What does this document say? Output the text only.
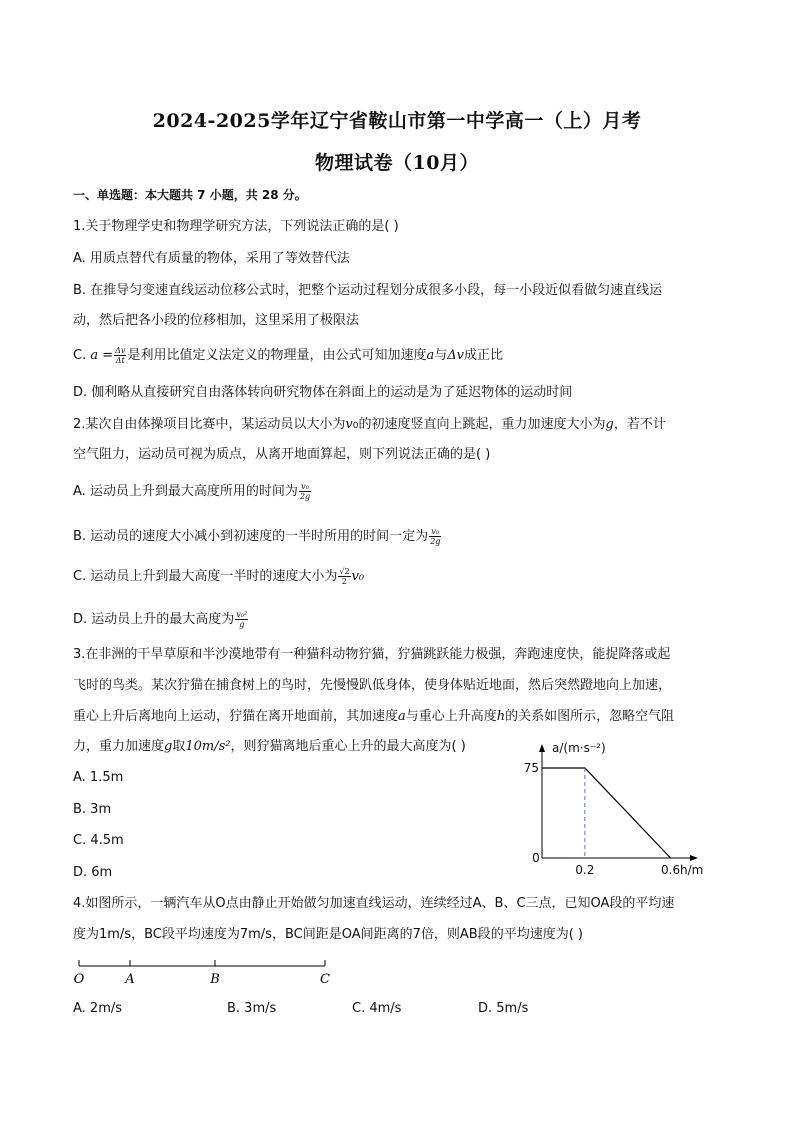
2024-2025学年辽宁省鞍山市第一中学高一（上）月考
物理试卷（10月）
一、单选题：本大题共 7 小题，共 28 分。
1.关于物理学史和物理学研究方法，下列说法正确的是( )
A. 用质点替代有质量的物体，采用了等效替代法
B. 在推导匀变速直线运动位移公式时，把整个运动过程划分成很多小段，每一小段近似看做匀速直线运
动，然后把各小段的位移相加，这里采用了极限法
C. $a = \frac{\Delta v}{\Delta t}$ 是利用比值定义法定义的物理量，由公式可知加速度a与Δv成正比
D. 伽利略从直接研究自由落体转向研究物体在斜面上的运动是为了延迟物体的运动时间
2.某次自由体操项目比赛中，某运动员以大小为v0的初速度竖直向上跳起，重力加速度大小为g，若不计
空气阻力，运动员可视为质点，从离开地面算起，则下列说法正确的是( )
A. 运动员上升到最大高度所用的时间为 $\frac{\text{v₀}}{2g}$
B. 运动员的速度大小减小到初速度的一半时所用的时间一定为 $\frac{\text{v₀}}{2g}$
C. 运动员上升到最大高度一半时的速度大小为 $\frac{√2}{2} v_0$
D. 运动员上升的最大高度为 $\frac{\text{v₀²}}{g}$
3.在非洲的干旱草原和半沙漠地带有一种猫科动物狞猫，狞猫跳跃能力极强，奔跑速度快，能捉降落或起
飞时的鸟类。某次狞猫在捕食树上的鸟时，先慢慢趴低身体，使身体贴近地面，然后突然蹬地向上加速，
重心上升后离地向上运动，狞猫在离开地面前，其加速度a与重心上升高度h的关系如图所示，忽略空气阻
力，重力加速度g取10m/s²，则狞猫离地后重心上升的最大高度为( )
A. 1.5m
B. 3m
C. 4.5m
D. 6m
a/(m·s⁻²)
h/m
75
0
0.2	0.6
4.如图所示，一辆汽车从O点由静止开始做匀加速直线运动，连续经过A、B、C三点，已知OA段的平均速
度为1m/s，BC段平均速度为7m/s，BC间距是OA间距离的7倍，则AB段的平均速度为( )
O	A	B	C
A. 2m/s	B. 3m/s	C. 4m/s	D. 5m/s
